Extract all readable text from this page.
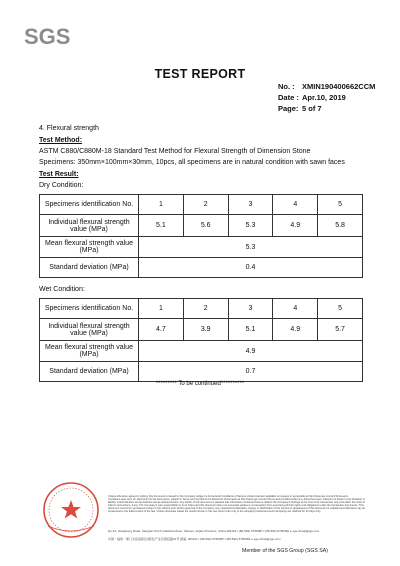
SGS
TEST REPORT
No. : XMIN190400662CCM
Date : Apr.10, 2019
Page: 5 of 7
4. Flexural strength
Test Method:
ASTM C880/C880M-18 Standard Test Method for Flexural Strength of Dimension Stone
Specimens: 350mm×100mm×30mm, 10pcs, all specimens are in natural condition with sawn faces
Test Result:
Dry Condition:
Specimens identification No.	1	2	3	4	5
Individual flexural strength value (MPa)	5.1	5.6	5.3	4.9	5.8
Mean flexural strength value (MPa)	5.3				
Standard deviation (MPa)	0.4				
Wet Condition:
Specimens identification No.	1	2	3	4	5
Individual flexural strength value (MPa)	4.7	3.9	5.1	4.9	5.7
Mean flexural strength value (MPa)	4.9				
Standard deviation (MPa)	0.7				
********* To be continued**********
Unless otherwise agreed in writing, this document is issued by the Company subject to its General Conditions of Service printed overleaf, available on request or accessible at http://www.sgs.com/en/Terms-and-Conditions.aspx and, for electronic format documents, subject to Terms and Conditions for Electronic Documents at http://www.sgs.com/en/Terms-and-Conditions/Terms-e-Document.aspx. Attention is drawn to the limitation of liability, indemnification and jurisdiction issues defined therein. Any holder of this document is advised that information contained hereon reflects the Company's findings at the time of its intervention only and within the limits of Client's instructions, if any. The Company's sole responsibility is to its Client and this document does not exonerate parties to a transaction from exercising all their rights and obligations under the transaction documents. This document cannot be reproduced except in full, without prior written approval of the Company. Any unauthorized alteration, forgery or falsification of the content or appearance of this document is unlawful and offenders may be prosecuted to the fullest extent of the law. Unless otherwise stated the results shown in this test report refer only to the sample(s) tested and such sample(s) are retained for 30 days only.
No.31, Xianghong Road, Xiang'an Torch Industrial Zone, Xiamen, Fujian Province, China 361101 t (86-592) 5766987 f (86-592) 5766382 e sgs.china@sgs.com
中国・福建・厦门火炬高新区(翔安)产业区翔虹路31号 邮编: 361101 t (86-592) 5766987 f (86-592) 5766382 e sgs.china@sgs.com
Member of the SGS Group (SGS SA)
